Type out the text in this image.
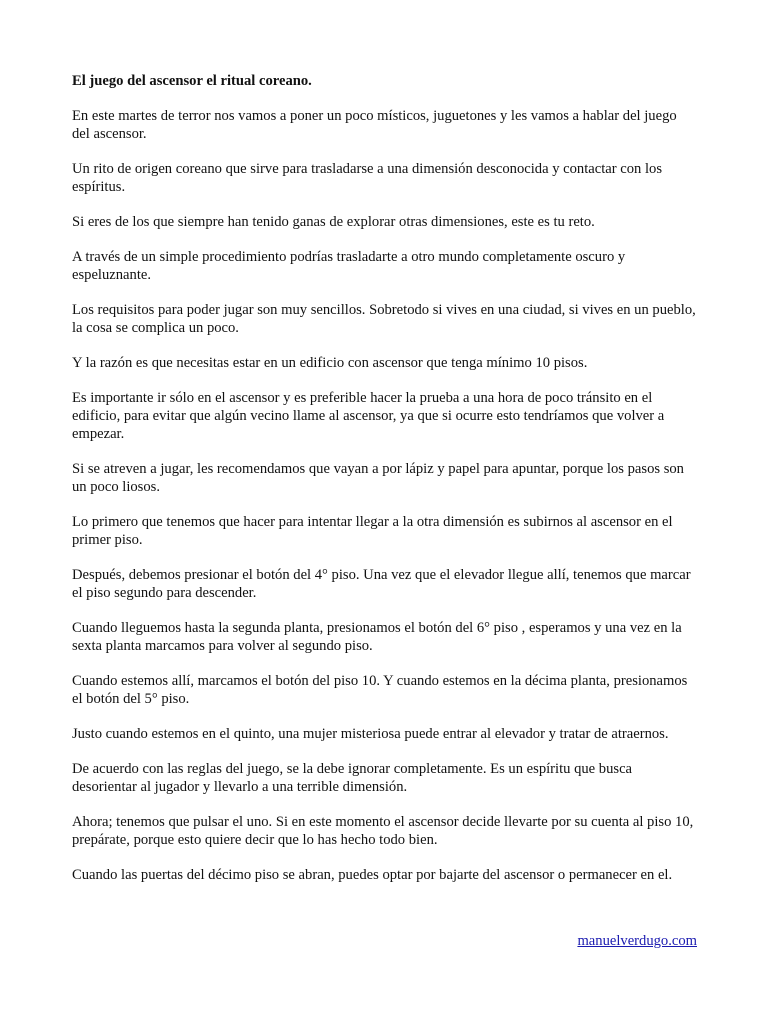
El juego del ascensor el ritual coreano.

En este martes de terror nos vamos a poner un poco místicos, juguetones y les vamos a hablar del juego del ascensor.

Un rito de origen coreano que sirve para trasladarse a una dimensión desconocida y contactar con los espíritus.

Si eres de los que siempre han tenido ganas de explorar otras dimensiones, este es tu reto.

A través de un simple procedimiento podrías trasladarte a otro mundo completamente oscuro y espeluznante.

Los requisitos para poder jugar son muy sencillos. Sobretodo si vives en una ciudad, si vives en un pueblo, la cosa se complica un poco.

Y la razón es que necesitas estar en un edificio con ascensor que tenga mínimo 10 pisos.

Es importante ir sólo en el ascensor y es preferible hacer la prueba a una hora de poco tránsito en el edificio, para evitar que algún vecino llame al ascensor, ya que si ocurre esto tendríamos que volver a empezar.

Si se atreven a jugar, les recomendamos que vayan a por lápiz y papel para apuntar, porque los pasos son un poco liosos.

Lo primero que tenemos que hacer para intentar llegar a la otra dimensión es subirnos al ascensor en el primer piso.

Después, debemos presionar el botón del 4° piso. Una vez que el elevador llegue allí, tenemos que marcar el piso segundo para descender.

Cuando lleguemos hasta la segunda planta, presionamos el botón del 6° piso , esperamos y una vez en la sexta planta marcamos para volver al segundo piso.

Cuando estemos allí, marcamos el botón del piso 10. Y cuando estemos en la décima planta, presionamos el botón del 5° piso.

Justo cuando estemos en el quinto, una mujer misteriosa puede entrar al elevador y tratar de atraernos.

De acuerdo con las reglas del juego, se la debe ignorar completamente. Es un espíritu que busca desorientar al jugador y llevarlo a una terrible dimensión.

Ahora; tenemos que pulsar el uno. Si en este momento el ascensor decide llevarte por su cuenta al piso 10, prepárate, porque esto quiere decir que lo has hecho todo bien.

Cuando las puertas del décimo piso se abran, puedes optar por bajarte del ascensor o permanecer en el.

manuelverdugo.com
